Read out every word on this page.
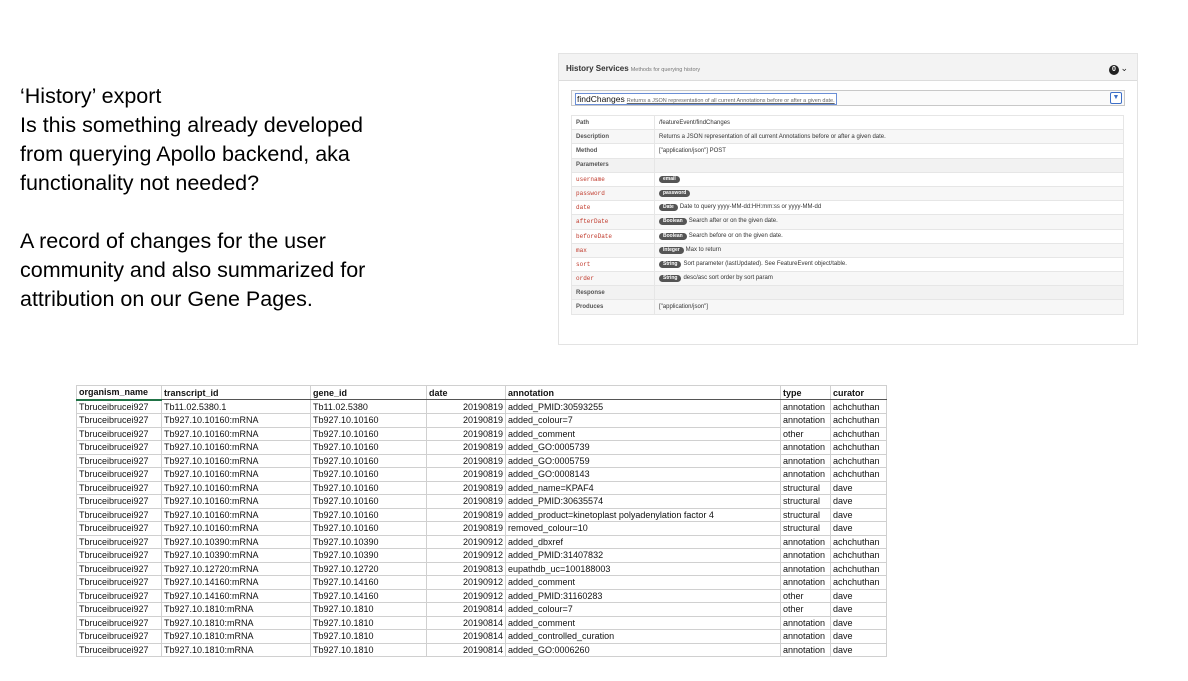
‘History’ export

Is this something already developed

from querying Apollo backend, aka

functionality not needed?

A record of changes for the user

community and also summarized for

attribution on our Gene Pages.

History Services Methods for querying history	0 ⌄
findChanges Returns a JSON representation of all current Annotations before or after a given date.	▼
Path	/featureEvent/findChanges
Description	Returns a JSON representation of all current Annotations before or after a given date.
Method	["application/json"] POST
Parameters	
username	email
password	password
date	Date Date to query yyyy-MM-dd:HH:mm:ss or yyyy-MM-dd
afterDate	Boolean Search after or on the given date.
beforeDate	Boolean Search before or on the given date.
max	Integer Max to return
sort	String Sort parameter (lastUpdated). See FeatureEvent object/table.
order	String desc/asc sort order by sort param
Response	
Produces	["application/json"]
organism_name	transcript_id	gene_id	date	annotation	type	curator
Tbruceibrucei927	Tb11.02.5380.1	Tb11.02.5380	20190819	added_PMID:30593255	annotation	achchuthan
Tbruceibrucei927	Tb927.10.10160:mRNA	Tb927.10.10160	20190819	added_colour=7	annotation	achchuthan
Tbruceibrucei927	Tb927.10.10160:mRNA	Tb927.10.10160	20190819	added_comment	other	achchuthan
Tbruceibrucei927	Tb927.10.10160:mRNA	Tb927.10.10160	20190819	added_GO:0005739	annotation	achchuthan
Tbruceibrucei927	Tb927.10.10160:mRNA	Tb927.10.10160	20190819	added_GO:0005759	annotation	achchuthan
Tbruceibrucei927	Tb927.10.10160:mRNA	Tb927.10.10160	20190819	added_GO:0008143	annotation	achchuthan
Tbruceibrucei927	Tb927.10.10160:mRNA	Tb927.10.10160	20190819	added_name=KPAF4	structural	dave
Tbruceibrucei927	Tb927.10.10160:mRNA	Tb927.10.10160	20190819	added_PMID:30635574	structural	dave
Tbruceibrucei927	Tb927.10.10160:mRNA	Tb927.10.10160	20190819	added_product=kinetoplast polyadenylation factor 4	structural	dave
Tbruceibrucei927	Tb927.10.10160:mRNA	Tb927.10.10160	20190819	removed_colour=10	structural	dave
Tbruceibrucei927	Tb927.10.10390:mRNA	Tb927.10.10390	20190912	added_dbxref	annotation	achchuthan
Tbruceibrucei927	Tb927.10.10390:mRNA	Tb927.10.10390	20190912	added_PMID:31407832	annotation	achchuthan
Tbruceibrucei927	Tb927.10.12720:mRNA	Tb927.10.12720	20190813	eupathdb_uc=100188003	annotation	achchuthan
Tbruceibrucei927	Tb927.10.14160:mRNA	Tb927.10.14160	20190912	added_comment	annotation	achchuthan
Tbruceibrucei927	Tb927.10.14160:mRNA	Tb927.10.14160	20190912	added_PMID:31160283	other	dave
Tbruceibrucei927	Tb927.10.1810:mRNA	Tb927.10.1810	20190814	added_colour=7	other	dave
Tbruceibrucei927	Tb927.10.1810:mRNA	Tb927.10.1810	20190814	added_comment	annotation	dave
Tbruceibrucei927	Tb927.10.1810:mRNA	Tb927.10.1810	20190814	added_controlled_curation	annotation	dave
Tbruceibrucei927	Tb927.10.1810:mRNA	Tb927.10.1810	20190814	added_GO:0006260	annotation	dave
